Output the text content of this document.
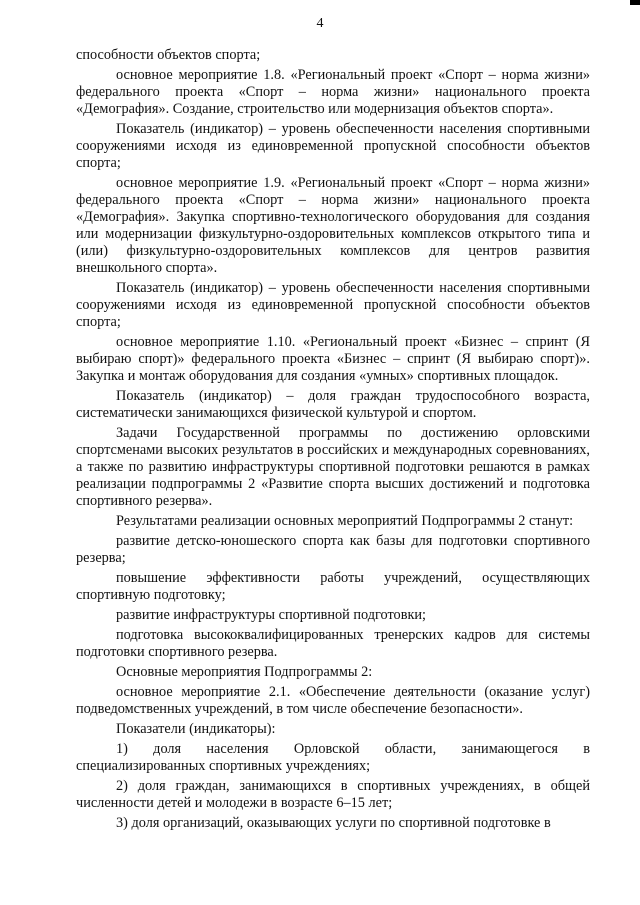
4

способности объектов спорта;

основное мероприятие 1.8. «Региональный проект «Спорт – норма жизни» федерального проекта «Спорт – норма жизни» национального проекта «Демография». Создание, строительство или модернизация объектов спорта».

Показатель (индикатор) – уровень обеспеченности населения спортивными сооружениями исходя из единовременной пропускной способности объектов спорта;

основное мероприятие 1.9. «Региональный проект «Спорт – норма жизни» федерального проекта «Спорт – норма жизни» национального проекта «Демография». Закупка спортивно-технологического оборудования для создания или модернизации физкультурно-оздоровительных комплексов открытого типа и (или) физкультурно-оздоровительных комплексов для центров развития внешкольного спорта».

Показатель (индикатор) – уровень обеспеченности населения спортивными сооружениями исходя из единовременной пропускной способности объектов спорта;

основное мероприятие 1.10. «Региональный проект «Бизнес – спринт (Я выбираю спорт)» федерального проекта «Бизнес – спринт (Я выбираю спорт)». Закупка и монтаж оборудования для создания «умных» спортивных площадок.

Показатель (индикатор) – доля граждан трудоспособного возраста, систематически занимающихся физической культурой и спортом.

Задачи Государственной программы по достижению орловскими спортсменами высоких результатов в российских и международных соревнованиях, а также по развитию инфраструктуры спортивной подготовки решаются в рамках реализации подпрограммы 2 «Развитие спорта высших достижений и подготовка спортивного резерва».

Результатами реализации основных мероприятий Подпрограммы 2 станут:

развитие детско-юношеского спорта как базы для подготовки спортивного резерва;

повышение эффективности работы учреждений, осуществляющих спортивную подготовку;

развитие инфраструктуры спортивной подготовки;

подготовка высококвалифицированных тренерских кадров для системы подготовки спортивного резерва.

Основные мероприятия Подпрограммы 2:

основное мероприятие 2.1. «Обеспечение деятельности (оказание услуг) подведомственных учреждений, в том числе обеспечение безопасности».

Показатели (индикаторы):

1) доля населения Орловской области, занимающегося в специализированных спортивных учреждениях;

2) доля граждан, занимающихся в спортивных учреждениях, в общей численности детей и молодежи в возрасте 6–15 лет;

3) доля организаций, оказывающих услуги по спортивной подготовке в
